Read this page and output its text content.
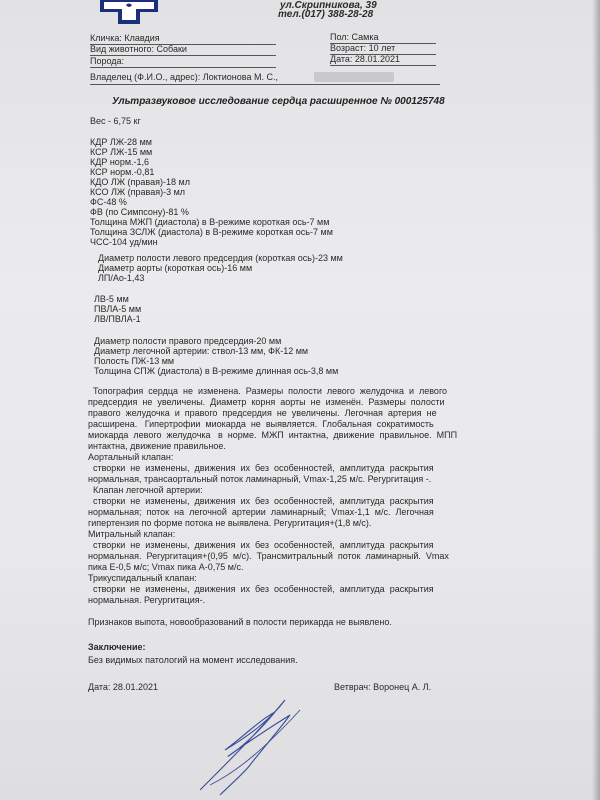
ул.Скрипникова, 39
тел.(017) 388-28-28
Кличка: Клавдия
Вид животного: Собаки
Порода:
Пол: Самка
Возраст: 10 лет
Дата: 28.01.2021
Владелец (Ф.И.О., адрес): Локтионова М. С.,
Ультразвуковое исследование сердца расширенное № 000125748
Вес - 6,75 кг
КДР ЛЖ-28 мм
КСР ЛЖ-15 мм
КДР норм.-1,6
КСР норм.-0,81
КДО ЛЖ (правая)-18 мл
КСО ЛЖ (правая)-3 мл
ФС-48 %
ФВ (по Симпсону)-81 %
Толщина МЖП (диастола) в B-режиме короткая ось-7 мм
Толщина ЗСЛЖ (диастола) в B-режиме короткая ось-7 мм
ЧСС-104 уд/мин
Диаметр полости левого предсердия (короткая ось)-23 мм
Диаметр аорты (короткая ось)-16 мм
ЛП/Ао-1,43
ЛВ-5 мм
ПВЛА-5 мм
ЛВ/ПВЛА-1
Диаметр полости правого предсердия-20 мм
Диаметр легочной артерии: ствол-13 мм, ФК-12 мм
Полость ПЖ-13 мм
Толщина СПЖ (диастола) в B-режиме длинная ось-3,8 мм
Топография  сердца  не  изменена.  Размеры  полости  левого  желудочка  и  левого
предсердия  не  увеличены.  Диаметр  корня  аорты  не  изменён.  Размеры  полости
правого  желудочка  и  правого  предсердия  не  увеличены.  Легочная  артерия  не
расширена.   Гипертрофии  миокарда  не  выявляется.  Глобальная  сократимость
миокарда  левого  желудочка   в  норме.  МЖП  интактна,  движение  правильное.  МПП
интактна, движение правильное.
Аортальный клапан:
створки  не  изменены,  движения  их  без  особенностей,  амплитуда  раскрытия
нормальная, трансаортальный поток ламинарный, Vmax-1,25 м/с. Регургитация -.
Клапан легочной артерии:
створки  не  изменены,  движения  их  без  особенностей,  амплитуда  раскрытия
нормальная;  поток  на  легочной  артерии  ламинарный;  Vmax-1,1  м/с.  Легочная
гипертензия по форме потока не выявлена. Регургитация+(1,8 м/с).
Митральный клапан:
створки  не  изменены,  движения  их  без  особенностей,  амплитуда  раскрытия
нормальная.  Регургитация+(0,95  м/с).  Трансмитральный  поток  ламинарный.  Vmax
пика Е-0,5 м/с; Vmax пика А-0,75 м/с.
Трикуспидальный клапан:
створки  не  изменены,  движения  их  без  особенностей,  амплитуда  раскрытия
нормальная. Регургитация-.
Признаков выпота, новообразований в полости перикарда не выявлено.
Заключение:
Без видимых патологий на момент исследования.
Дата: 28.01.2021	Ветврач: Воронец А. Л.
